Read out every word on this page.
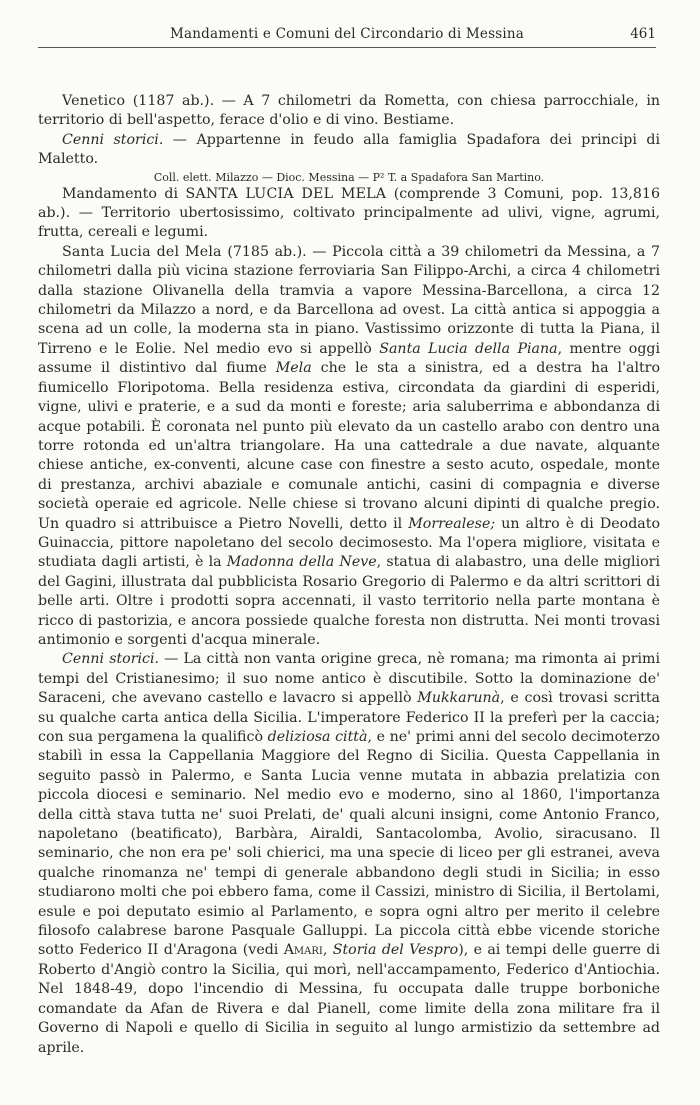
Mandamenti e Comuni del Circondario di Messina	461

Venetico (1187 ab.). — A 7 chilometri da Rometta, con chiesa parrocchiale, in territorio di bell'aspetto, ferace d'olio e di vino. Bestiame.

Cenni storici. — Appartenne in feudo alla famiglia Spadafora dei principi di Maletto.

Coll. elett. Milazzo — Dioc. Messina — P² T. a Spadafora San Martino.

Mandamento di SANTA LUCIA DEL MELA (comprende 3 Comuni, pop. 13,816 ab.). — Territorio ubertosissimo, coltivato principalmente ad ulivi, vigne, agrumi, frutta, cereali e legumi.

Santa Lucia del Mela (7185 ab.). — Piccola città a 39 chilometri da Messina, a 7 chilometri dalla più vicina stazione ferroviaria San Filippo-Archi, a circa 4 chilometri dalla stazione Olivanella della tramvia a vapore Messina-Barcellona, a circa 12 chilometri da Milazzo a nord, e da Barcellona ad ovest. La città antica si appoggia a scena ad un colle, la moderna sta in piano. Vastissimo orizzonte di tutta la Piana, il Tirreno e le Eolie. Nel medio evo si appellò Santa Lucia della Piana, mentre oggi assume il distintivo dal fiume Mela che le sta a sinistra, ed a destra ha l'altro fiumicello Floripotoma. Bella residenza estiva, circondata da giardini di esperidi, vigne, ulivi e praterie, e a sud da monti e foreste; aria saluberrima e abbondanza di acque potabili. È coronata nel punto più elevato da un castello arabo con dentro una torre rotonda ed un'altra triangolare. Ha una cattedrale a due navate, alquante chiese antiche, ex-conventi, alcune case con finestre a sesto acuto, ospedale, monte di prestanza, archivi abaziale e comunale antichi, casini di compagnia e diverse società operaie ed agricole. Nelle chiese si trovano alcuni dipinti di qualche pregio. Un quadro si attribuisce a Pietro Novelli, detto il Morrealese; un altro è di Deodato Guinaccia, pittore napoletano del secolo decimosesto. Ma l'opera migliore, visitata e studiata dagli artisti, è la Madonna della Neve, statua di alabastro, una delle migliori del Gagini, illustrata dal pubblicista Rosario Gregorio di Palermo e da altri scrittori di belle arti. Oltre i prodotti sopra accennati, il vasto territorio nella parte montana è ricco di pastorizia, e ancora possiede qualche foresta non distrutta. Nei monti trovasi antimonio e sorgenti d'acqua minerale.

Cenni storici. — La città non vanta origine greca, nè romana; ma rimonta ai primi tempi del Cristianesimo; il suo nome antico è discutibile. Sotto la dominazione de' Saraceni, che avevano castello e lavacro si appellò Mukkarunà, e così trovasi scritta su qualche carta antica della Sicilia. L'imperatore Federico II la preferì per la caccia; con sua pergamena la qualificò deliziosa città, e ne' primi anni del secolo decimoterzo stabilì in essa la Cappellania Maggiore del Regno di Sicilia. Questa Cappellania in seguito passò in Palermo, e Santa Lucia venne mutata in abbazia prelatizia con piccola diocesi e seminario. Nel medio evo e moderno, sino al 1860, l'importanza della città stava tutta ne' suoi Prelati, de' quali alcuni insigni, come Antonio Franco, napoletano (beatificato), Barbàra, Airaldi, Santacolomba, Avolio, siracusano. Il seminario, che non era pe' soli chierici, ma una specie di liceo per gli estranei, aveva qualche rinomanza ne' tempi di generale abbandono degli studi in Sicilia; in esso studiarono molti che poi ebbero fama, come il Cassizi, ministro di Sicilia, il Bertolami, esule e poi deputato esimio al Parlamento, e sopra ogni altro per merito il celebre filosofo calabrese barone Pasquale Galluppi. La piccola città ebbe vicende storiche sotto Federico II d'Aragona (vedi Amari, Storia del Vespro), e ai tempi delle guerre di Roberto d'Angiò contro la Sicilia, qui morì, nell'accampamento, Federico d'Antiochia. Nel 1848-49, dopo l'incendio di Messina, fu occupata dalle truppe borboniche comandate da Afan de Rivera e dal Pianell, come limite della zona militare fra il Governo di Napoli e quello di Sicilia in seguito al lungo armistizio da settembre ad aprile.
